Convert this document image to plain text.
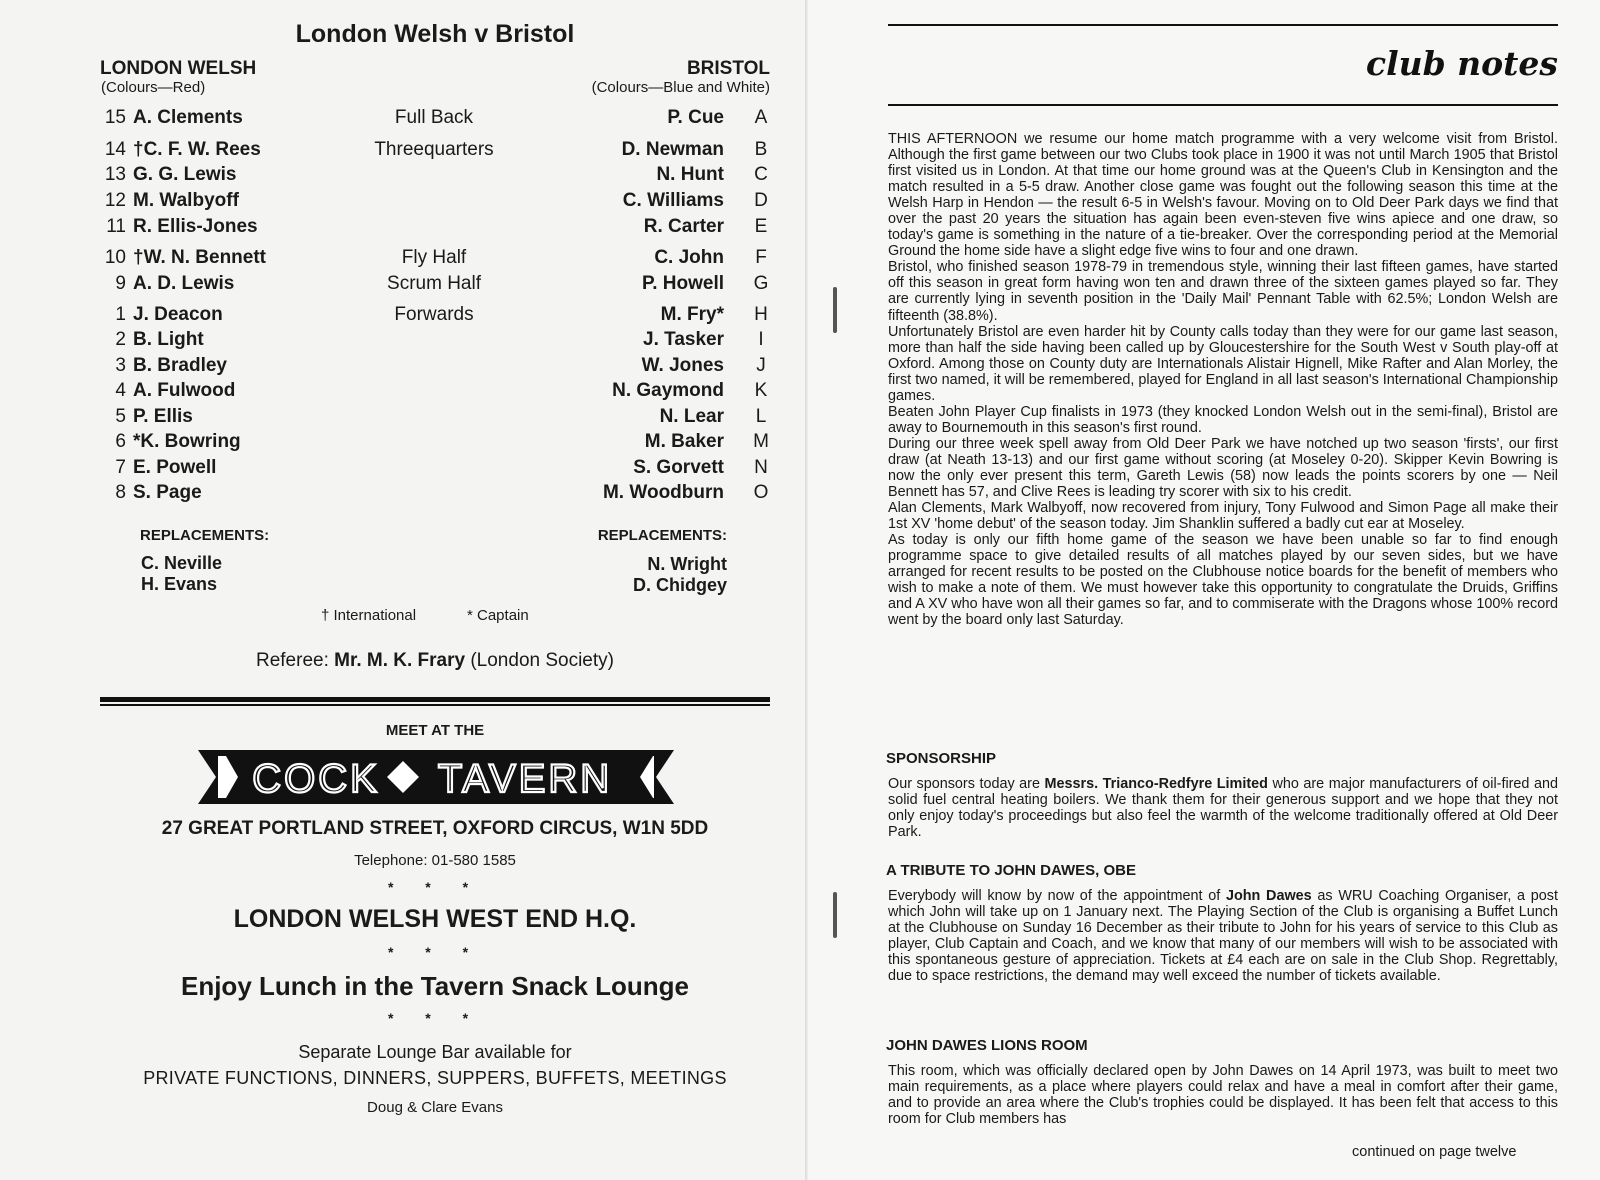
London Welsh v Bristol
LONDON WELSH
(Colours—Red)
BRISTOL
(Colours—Blue and White)
15 A. Clements	Full Back	P. Cue A
14 †C. F. W. Rees	Threequarters	D. Newman B
13 G. G. Lewis	N. Hunt C
12 M. Walbyoff	C. Williams D
11 R. Ellis-Jones	R. Carter E
10 †W. N. Bennett	Fly Half	C. John F
9 A. D. Lewis	Scrum Half	P. Howell G
1 J. Deacon	Forwards	M. Fry* H
2 B. Light	J. Tasker	I
3 B. Bradley	W. Jones J
4 A. Fulwood	N. Gaymond K
5 P. Ellis	N. Lear L
6 *K. Bowring	M. Baker M
7 E. Powell	S. Gorvett N
8 S. Page	M. Woodburn O
REPLACEMENTS:
C. Neville
H. Evans
REPLACEMENTS:
N. Wright
D. Chidgey
† International	* Captain
Referee: Mr. M. K. Frary (London Society)
MEET AT THE
COCK TAVERN
27 GREAT PORTLAND STREET, OXFORD CIRCUS, W1N 5DD
Telephone: 01-580 1585
* * *
LONDON WELSH WEST END H.Q.
* * *
Enjoy Lunch in the Tavern Snack Lounge
* * *
Separate Lounge Bar available for
PRIVATE FUNCTIONS, DINNERS, SUPPERS, BUFFETS, MEETINGS
Doug & Clare Evans
club notes

THIS AFTERNOON we resume our home match programme with a very welcome visit from Bristol. Although the first game between our two Clubs took place in 1900 it was not until March 1905 that Bristol first visited us in London. At that time our home ground was at the Queen's Club in Kensington and the match resulted in a 5-5 draw. Another close game was fought out the following season this time at the Welsh Harp in Hendon — the result 6-5 in Welsh's favour. Moving on to Old Deer Park days we find that over the past 20 years the situation has again been even-steven five wins apiece and one draw, so today's game is something in the nature of a tie-breaker. Over the corresponding period at the Memorial Ground the home side have a slight edge five wins to four and one drawn.

Bristol, who finished season 1978-79 in tremendous style, winning their last fifteen games, have started off this season in great form having won ten and drawn three of the sixteen games played so far. They are currently lying in seventh position in the 'Daily Mail' Pennant Table with 62.5%; London Welsh are fifteenth (38.8%).

Unfortunately Bristol are even harder hit by County calls today than they were for our game last season, more than half the side having been called up by Gloucestershire for the South West v South play-off at Oxford. Among those on County duty are Internationals Alistair Hignell, Mike Rafter and Alan Morley, the first two named, it will be remembered, played for England in all last season's International Championship games.

Beaten John Player Cup finalists in 1973 (they knocked London Welsh out in the semi-final), Bristol are away to Bournemouth in this season's first round.

During our three week spell away from Old Deer Park we have notched up two season 'firsts', our first draw (at Neath 13-13) and our first game without scoring (at Moseley 0-20). Skipper Kevin Bowring is now the only ever present this term, Gareth Lewis (58) now leads the points scorers by one — Neil Bennett has 57, and Clive Rees is leading try scorer with six to his credit.

Alan Clements, Mark Walbyoff, now recovered from injury, Tony Fulwood and Simon Page all make their 1st XV 'home debut' of the season today. Jim Shanklin suffered a badly cut ear at Moseley.

As today is only our fifth home game of the season we have been unable so far to find enough programme space to give detailed results of all matches played by our seven sides, but we have arranged for recent results to be posted on the Clubhouse notice boards for the benefit of members who wish to make a note of them. We must however take this opportunity to congratulate the Druids, Griffins and A XV who have won all their games so far, and to commiserate with the Dragons whose 100% record went by the board only last Saturday.

SPONSORSHIP
Our sponsors today are Messrs. Trianco-Redfyre Limited who are major manufacturers of oil-fired and solid fuel central heating boilers. We thank them for their generous support and we hope that they not only enjoy today's proceedings but also feel the warmth of the welcome traditionally offered at Old Deer Park.
A TRIBUTE TO JOHN DAWES, OBE
Everybody will know by now of the appointment of John Dawes as WRU Coaching Organiser, a post which John will take up on 1 January next. The Playing Section of the Club is organising a Buffet Lunch at the Clubhouse on Sunday 16 December as their tribute to John for his years of service to this Club as player, Club Captain and Coach, and we know that many of our members will wish to be associated with this spontaneous gesture of appreciation. Tickets at £4 each are on sale in the Club Shop. Regrettably, due to space restrictions, the demand may well exceed the number of tickets available.
JOHN DAWES LIONS ROOM
This room, which was officially declared open by John Dawes on 14 April 1973, was built to meet two main requirements, as a place where players could relax and have a meal in comfort after their game, and to provide an area where the Club's trophies could be displayed. It has been felt that access to this room for Club members has
continued on page twelve
